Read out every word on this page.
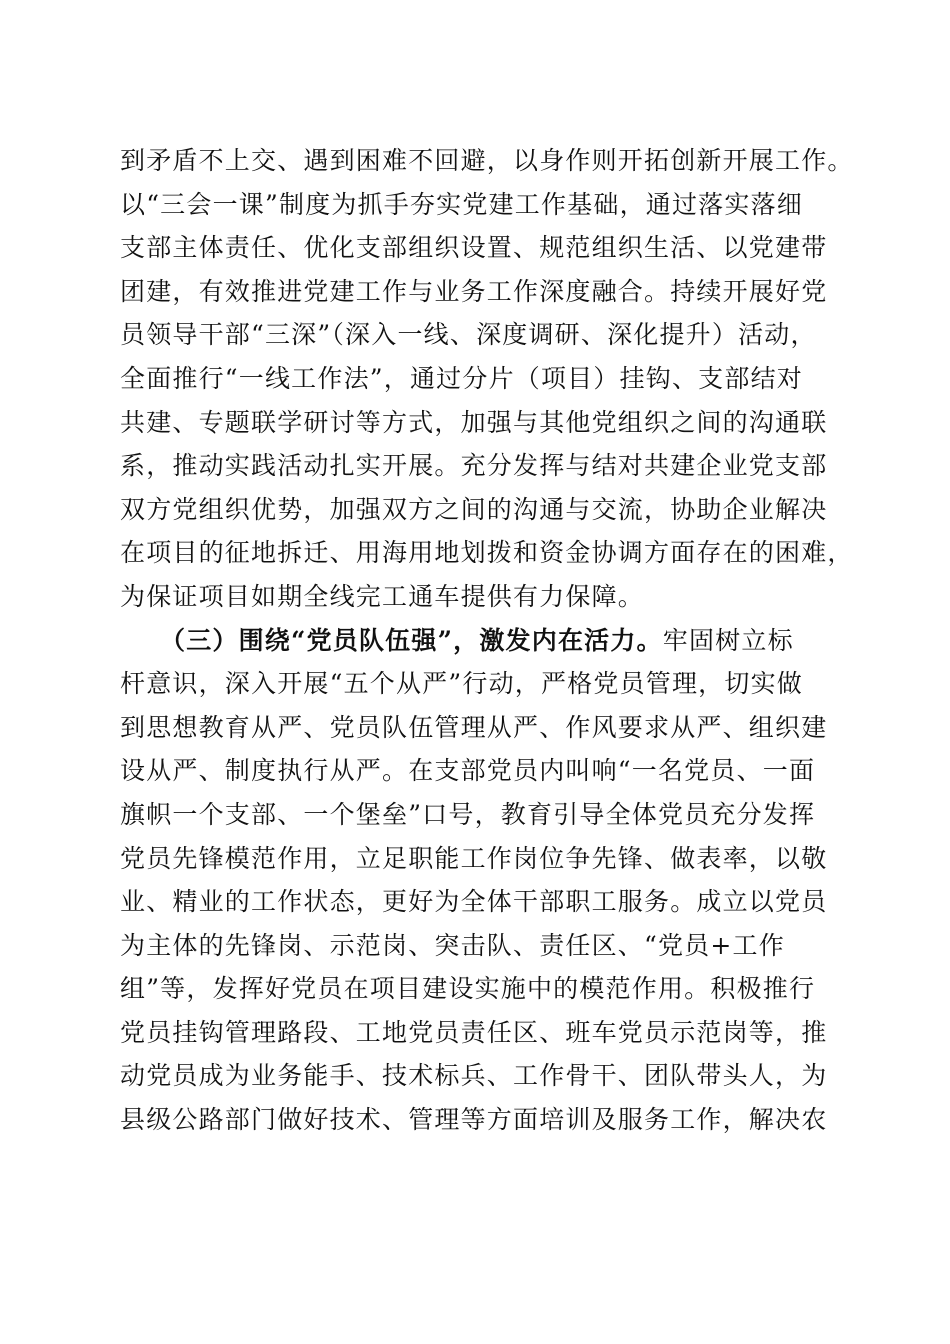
到矛盾不上交、遇到困难不回避，以身作则开拓创新开展工作。
以“三会一课”制度为抓手夯实党建工作基础，通过落实落细
支部主体责任、优化支部组织设置、规范组织生活、以党建带
团建，有效推进党建工作与业务工作深度融合。持续开展好党
员领导干部“三深”（深入一线、深度调研、深化提升）活动，
全面推行“一线工作法”，通过分片（项目）挂钩、支部结对
共建、专题联学研讨等方式，加强与其他党组织之间的沟通联
系，推动实践活动扎实开展。充分发挥与结对共建企业党支部
双方党组织优势，加强双方之间的沟通与交流，协助企业解决
在项目的征地拆迁、用海用地划拨和资金协调方面存在的困难，
为保证项目如期全线完工通车提供有力保障。
（三）围绕“党员队伍强”，激发内在活力。牢固树立标
杆意识，深入开展“五个从严”行动，严格党员管理，切实做
到思想教育从严、党员队伍管理从严、作风要求从严、组织建
设从严、制度执行从严。在支部党员内叫响“一名党员、一面
旗帜一个支部、一个堡垒”口号，教育引导全体党员充分发挥
党员先锋模范作用，立足职能工作岗位争先锋、做表率，以敬
业、精业的工作状态，更好为全体干部职工服务。成立以党员
为主体的先锋岗、示范岗、突击队、责任区、“党员+工作
组”等，发挥好党员在项目建设实施中的模范作用。积极推行
党员挂钩管理路段、工地党员责任区、班车党员示范岗等，推
动党员成为业务能手、技术标兵、工作骨干、团队带头人，为
县级公路部门做好技术、管理等方面培训及服务工作，解决农
